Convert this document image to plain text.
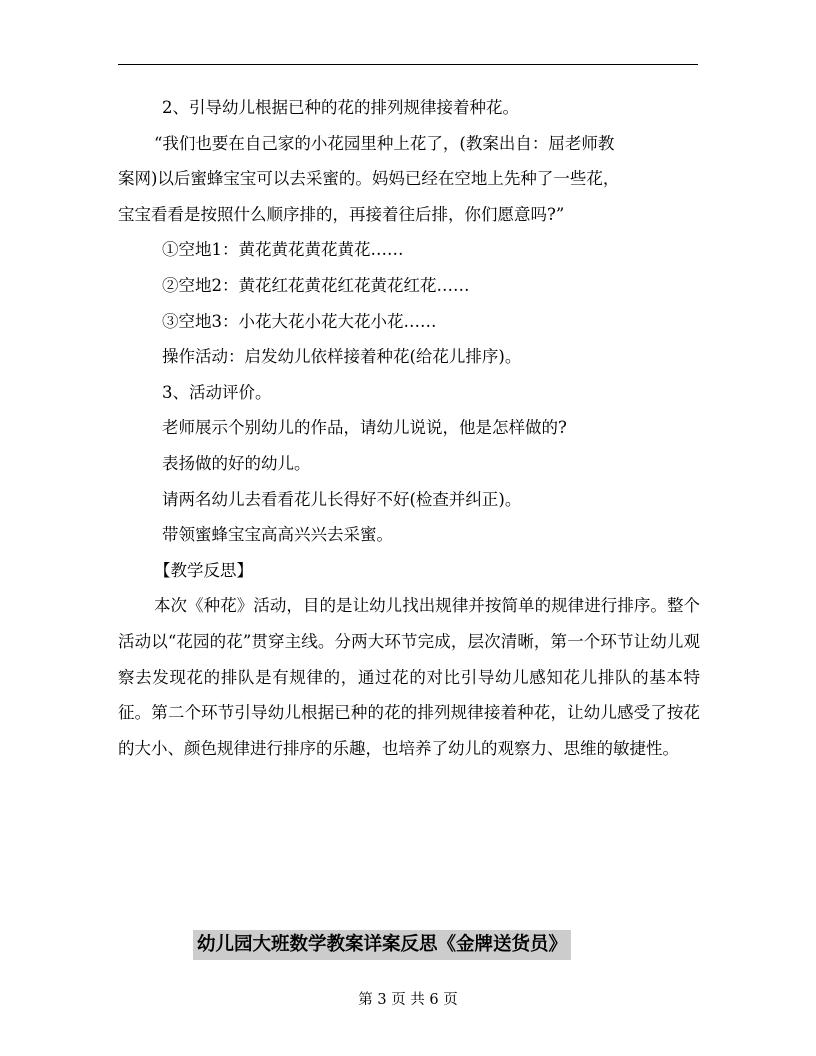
2、引导幼儿根据已种的花的排列规律接着种花。

“我们也要在自己家的小花园里种上花了，(教案出自：屈老师教

案网)以后蜜蜂宝宝可以去采蜜的。妈妈已经在空地上先种了一些花，

宝宝看看是按照什么顺序排的，再接着往后排，你们愿意吗?”

①空地1：黄花黄花黄花黄花……

②空地2：黄花红花黄花红花黄花红花……

③空地3：小花大花小花大花小花……

操作活动：启发幼儿依样接着种花(给花儿排序)。

3、活动评价。

老师展示个别幼儿的作品，请幼儿说说，他是怎样做的?

表扬做的好的幼儿。

请两名幼儿去看看花儿长得好不好(检查并纠正)。

带领蜜蜂宝宝高高兴兴去采蜜。

【教学反思】

本次《种花》活动，目的是让幼儿找出规律并按简单的规律进行排序。整个活动以“花园的花”贯穿主线。分两大环节完成，层次清晰，第一个环节让幼儿观察去发现花的排队是有规律的，通过花的对比引导幼儿感知花儿排队的基本特征。第二个环节引导幼儿根据已种的花的排列规律接着种花，让幼儿感受了按花的大小、颜色规律进行排序的乐趣，也培养了幼儿的观察力、思维的敏捷性。

幼儿园大班数学教案详案反思《金牌送货员》
第 3 页 共 6 页
